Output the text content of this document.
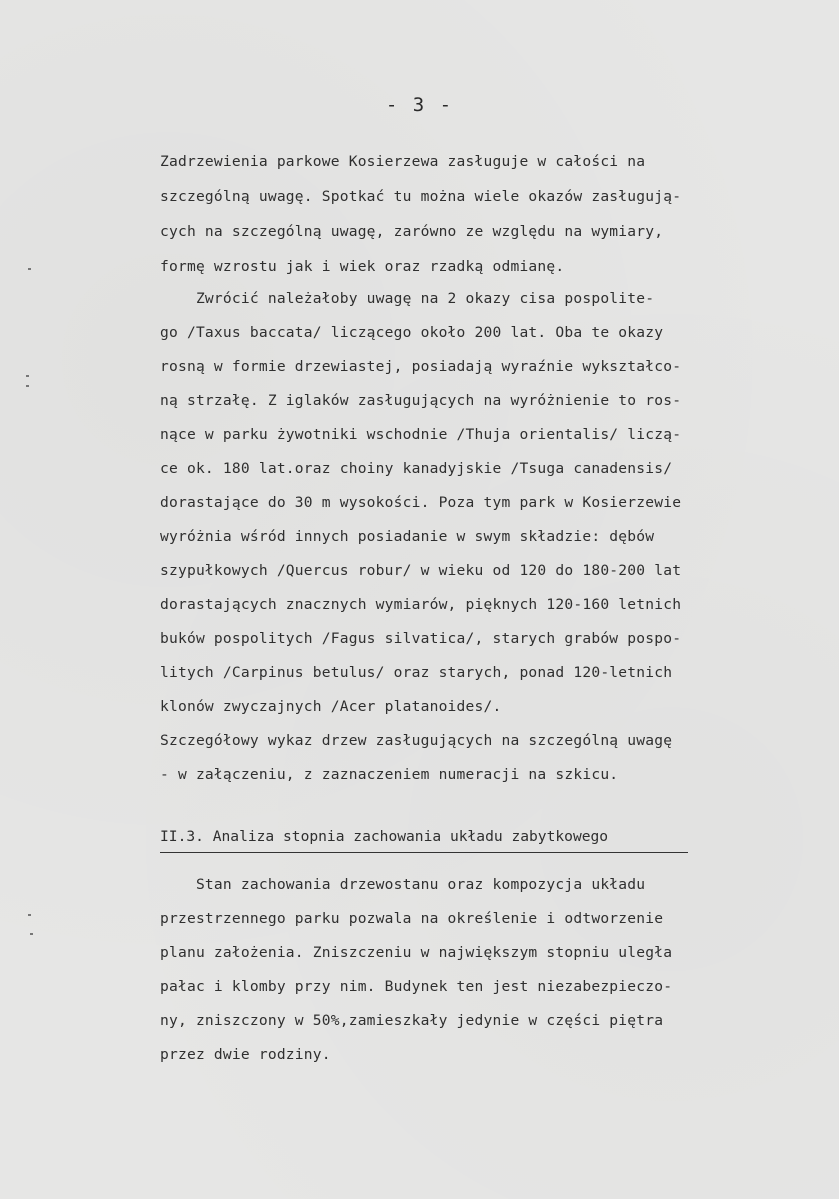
- 3 -
Zadrzewienia parkowe Kosierzewa zasługuje w całości na
szczególną uwagę. Spotkać tu można wiele okazów zasługują-
cych na szczególną uwagę, zarówno ze względu na wymiary,
formę wzrostu jak i wiek oraz rzadką odmianę.
Zwrócić należałoby uwagę na 2 okazy cisa pospolite-
go /Taxus baccata/ liczącego około 200 lat. Oba te okazy
rosną w formie drzewiastej, posiadają wyraźnie wykształco-
ną strzałę. Z iglaków zasługujących na wyróżnienie to ros-
nące w parku żywotniki wschodnie /Thuja orientalis/ liczą-
ce ok. 180 lat.oraz choiny kanadyjskie /Tsuga canadensis/
dorastające do 30 m wysokości. Poza tym park w Kosierzewie
wyróżnia wśród innych posiadanie w swym składzie: dębów
szypułkowych /Quercus robur/ w wieku od 120 do 180-200 lat
dorastających znacznych wymiarów, pięknych 120-160 letnich
buków pospolitych /Fagus silvatica/, starych grabów pospo-
litych /Carpinus betulus/ oraz starych, ponad 120-letnich
klonów zwyczajnych /Acer platanoides/.
Szczegółowy wykaz drzew zasługujących na szczególną uwagę
- w załączeniu, z zaznaczeniem numeracji na szkicu.
II.3. Analiza stopnia zachowania układu zabytkowego
Stan zachowania drzewostanu oraz kompozycja układu
przestrzennego parku pozwala na określenie i odtworzenie
planu założenia. Zniszczeniu w największym stopniu uległa
pałac i klomby przy nim. Budynek ten jest niezabezpieczo-
ny, zniszczony w 50%,zamieszkały jedynie w części piętra
przez dwie rodziny.
